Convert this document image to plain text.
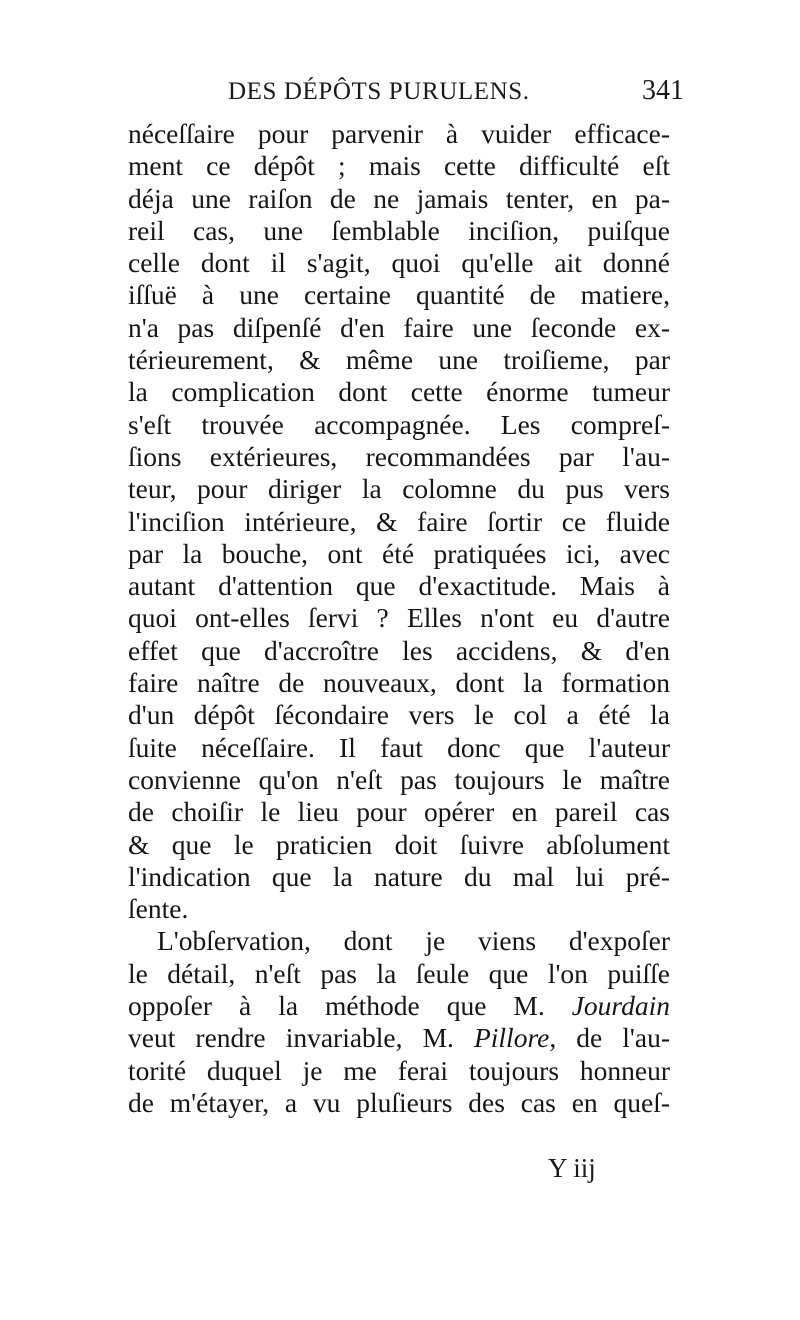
DES DÉPÔTS PURULENS.	341
néceſſaire pour parvenir à vuider efficace-
ment ce dépôt ; mais cette difficulté eſt
déja une raiſon de ne jamais tenter, en pa-
reil cas, une ſemblable inciſion, puiſque
celle dont il s'agit, quoi qu'elle ait donné
iſſuë à une certaine quantité de matiere,
n'a pas diſpenſé d'en faire une ſeconde ex-
térieurement, & même une troiſieme, par
la complication dont cette énorme tumeur
s'eſt trouvée accompagnée. Les compreſ-
ſions extérieures, recommandées par l'au-
teur, pour diriger la colomne du pus vers
l'inciſion intérieure, & faire ſortir ce fluide
par la bouche, ont été pratiquées ici, avec
autant d'attention que d'exactitude. Mais à
quoi ont-elles ſervi ? Elles n'ont eu d'autre
effet que d'accroître les accidens, & d'en
faire naître de nouveaux, dont la formation
d'un dépôt ſécondaire vers le col a été la
ſuite néceſſaire. Il faut donc que l'auteur
convienne qu'on n'eſt pas toujours le maître
de choiſir le lieu pour opérer en pareil cas
& que le praticien doit ſuivre abſolument
l'indication que la nature du mal lui pré-
ſente.
L'obſervation, dont je viens d'expoſer
le détail, n'eſt pas la ſeule que l'on puiſſe
oppoſer à la méthode que M. Jourdain
veut rendre invariable, M. Pillore, de l'au-
torité duquel je me ferai toujours honneur
de m'étayer, a vu pluſieurs des cas en queſ-
Y iij
